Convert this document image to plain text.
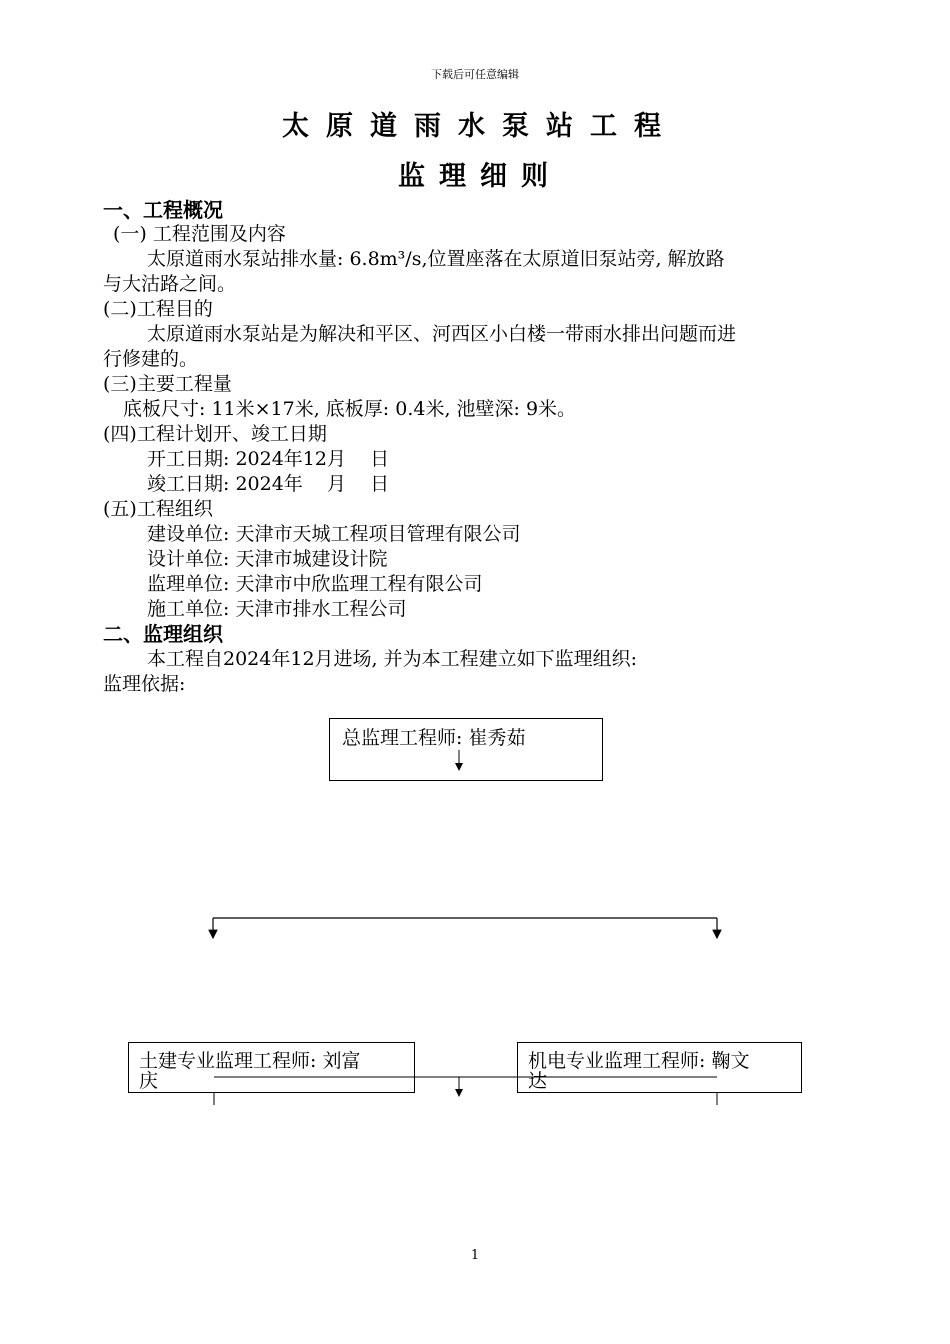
下载后可任意编辑
太原道雨水泵站工程
监理细则
一、工程概况
(一) 工程范围及内容
太原道雨水泵站排水量: 6.8m³/s,位置座落在太原道旧泵站旁, 解放路
与大沽路之间。
(二)工程目的
太原道雨水泵站是为解决和平区、河西区小白楼一带雨水排出问题而进
行修建的。
(三)主要工程量
底板尺寸: 11米×17米, 底板厚: 0.4米, 池壁深: 9米。
(四)工程计划开、竣工日期
开工日期: 2024年12月    日
竣工日期: 2024年    月    日
(五)工程组织
建设单位: 天津市天城工程项目管理有限公司
设计单位: 天津市城建设计院
监理单位: 天津市中欣监理工程有限公司
施工单位: 天津市排水工程公司
二、监理组织
本工程自2024年12月进场, 并为本工程建立如下监理组织:
监理依据:
总监理工程师: 崔秀茹
土建专业监理工程师: 刘富
庆
机电专业监理工程师: 鞠文
达
1
